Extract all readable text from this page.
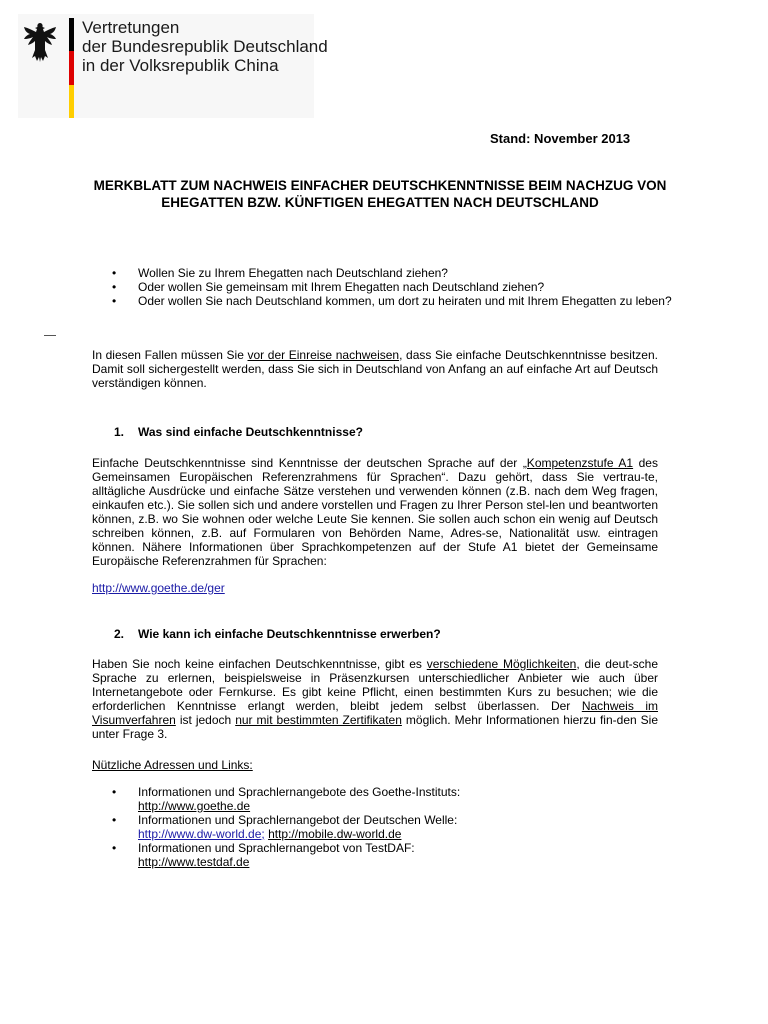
Vertretungen
der Bundesrepublik Deutschland
in der Volksrepublik China
Stand: November 2013
MERKBLATT ZUM NACHWEIS EINFACHER DEUTSCHKENNTNISSE BEIM NACHZUG VON EHEGATTEN BZW. KÜNFTIGEN EHEGATTEN NACH DEUTSCHLAND
• Wollen Sie zu Ihrem Ehegatten nach Deutschland ziehen?
• Oder wollen Sie gemeinsam mit Ihrem Ehegatten nach Deutschland ziehen?
• Oder wollen Sie nach Deutschland kommen, um dort zu heiraten und mit Ihrem Ehegatten zu leben?
In diesen Fallen müssen Sie vor der Einreise nachweisen, dass Sie einfache Deutschkenntnisse besitzen. Damit soll sichergestellt werden, dass Sie sich in Deutschland von Anfang an auf einfache Art auf Deutsch verständigen können.
1. Was sind einfache Deutschkenntnisse?
Einfache Deutschkenntnisse sind Kenntnisse der deutschen Sprache auf der „Kompetenzstufe A1 des Gemeinsamen Europäischen Referenzrahmens für Sprachen“. Dazu gehört, dass Sie vertrau-te, alltägliche Ausdrücke und einfache Sätze verstehen und verwenden können (z.B. nach dem Weg fragen, einkaufen etc.). Sie sollen sich und andere vorstellen und Fragen zu Ihrer Person stel-len und beantworten können, z.B. wo Sie wohnen oder welche Leute Sie kennen. Sie sollen auch schon ein wenig auf Deutsch schreiben können, z.B. auf Formularen von Behörden Name, Adres-se, Nationalität usw. eintragen können. Nähere Informationen über Sprachkompetenzen auf der Stufe A1 bietet der Gemeinsame Europäische Referenzrahmen für Sprachen:
http://www.goethe.de/ger
2. Wie kann ich einfache Deutschkenntnisse erwerben?
Haben Sie noch keine einfachen Deutschkenntnisse, gibt es verschiedene Möglichkeiten, die deut-sche Sprache zu erlernen, beispielsweise in Präsenzkursen unterschiedlicher Anbieter wie auch über Internetangebote oder Fernkurse. Es gibt keine Pflicht, einen bestimmten Kurs zu besuchen; wie die erforderlichen Kenntnisse erlangt werden, bleibt jedem selbst überlassen. Der Nachweis im Visumverfahren ist jedoch nur mit bestimmten Zertifikaten möglich. Mehr Informationen hierzu fin-den Sie unter Frage 3.
Nützliche Adressen und Links:
• Informationen und Sprachlernangebote des Goethe-Instituts:
http://www.goethe.de
• Informationen und Sprachlernangebot der Deutschen Welle:
http://www.dw-world.de; http://mobile.dw-world.de
• Informationen und Sprachlernangebot von TestDAF:
http://www.testdaf.de
